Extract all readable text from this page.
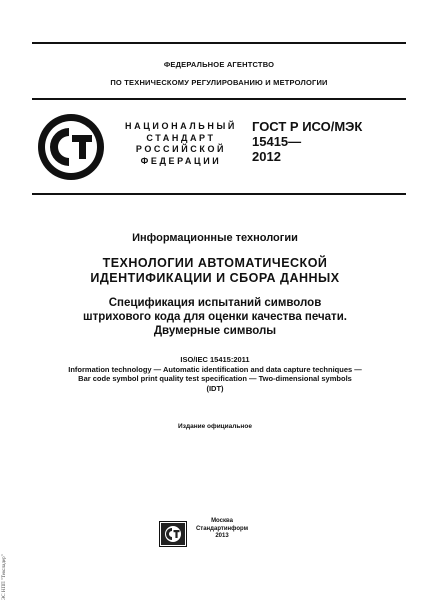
ФЕДЕРАЛЬНОЕ АГЕНТСТВО
ПО ТЕХНИЧЕСКОМУ РЕГУЛИРОВАНИЮ И МЕТРОЛОГИИ
НАЦИОНАЛЬНЫЙ
СТАНДАРТ
РОССИЙСКОЙ
ФЕДЕРАЦИИ
ГОСТ Р ИСО/МЭК
15415—
2012
Информационные технологии
ТЕХНОЛОГИИ АВТОМАТИЧЕСКОЙ
ИДЕНТИФИКАЦИИ И СБОРА ДАННЫХ
Спецификация испытаний символов
штрихового кода для оценки качества печати.
Двумерные символы
ISO/IEC 15415:2011
Information technology — Automatic identification and data capture techniques —
Bar code symbol print quality test specification — Two-dimensional symbols
(IDT)
Издание официальное
Москва
Стандартинформ
2013
ЭС НПП "Тексладер"
